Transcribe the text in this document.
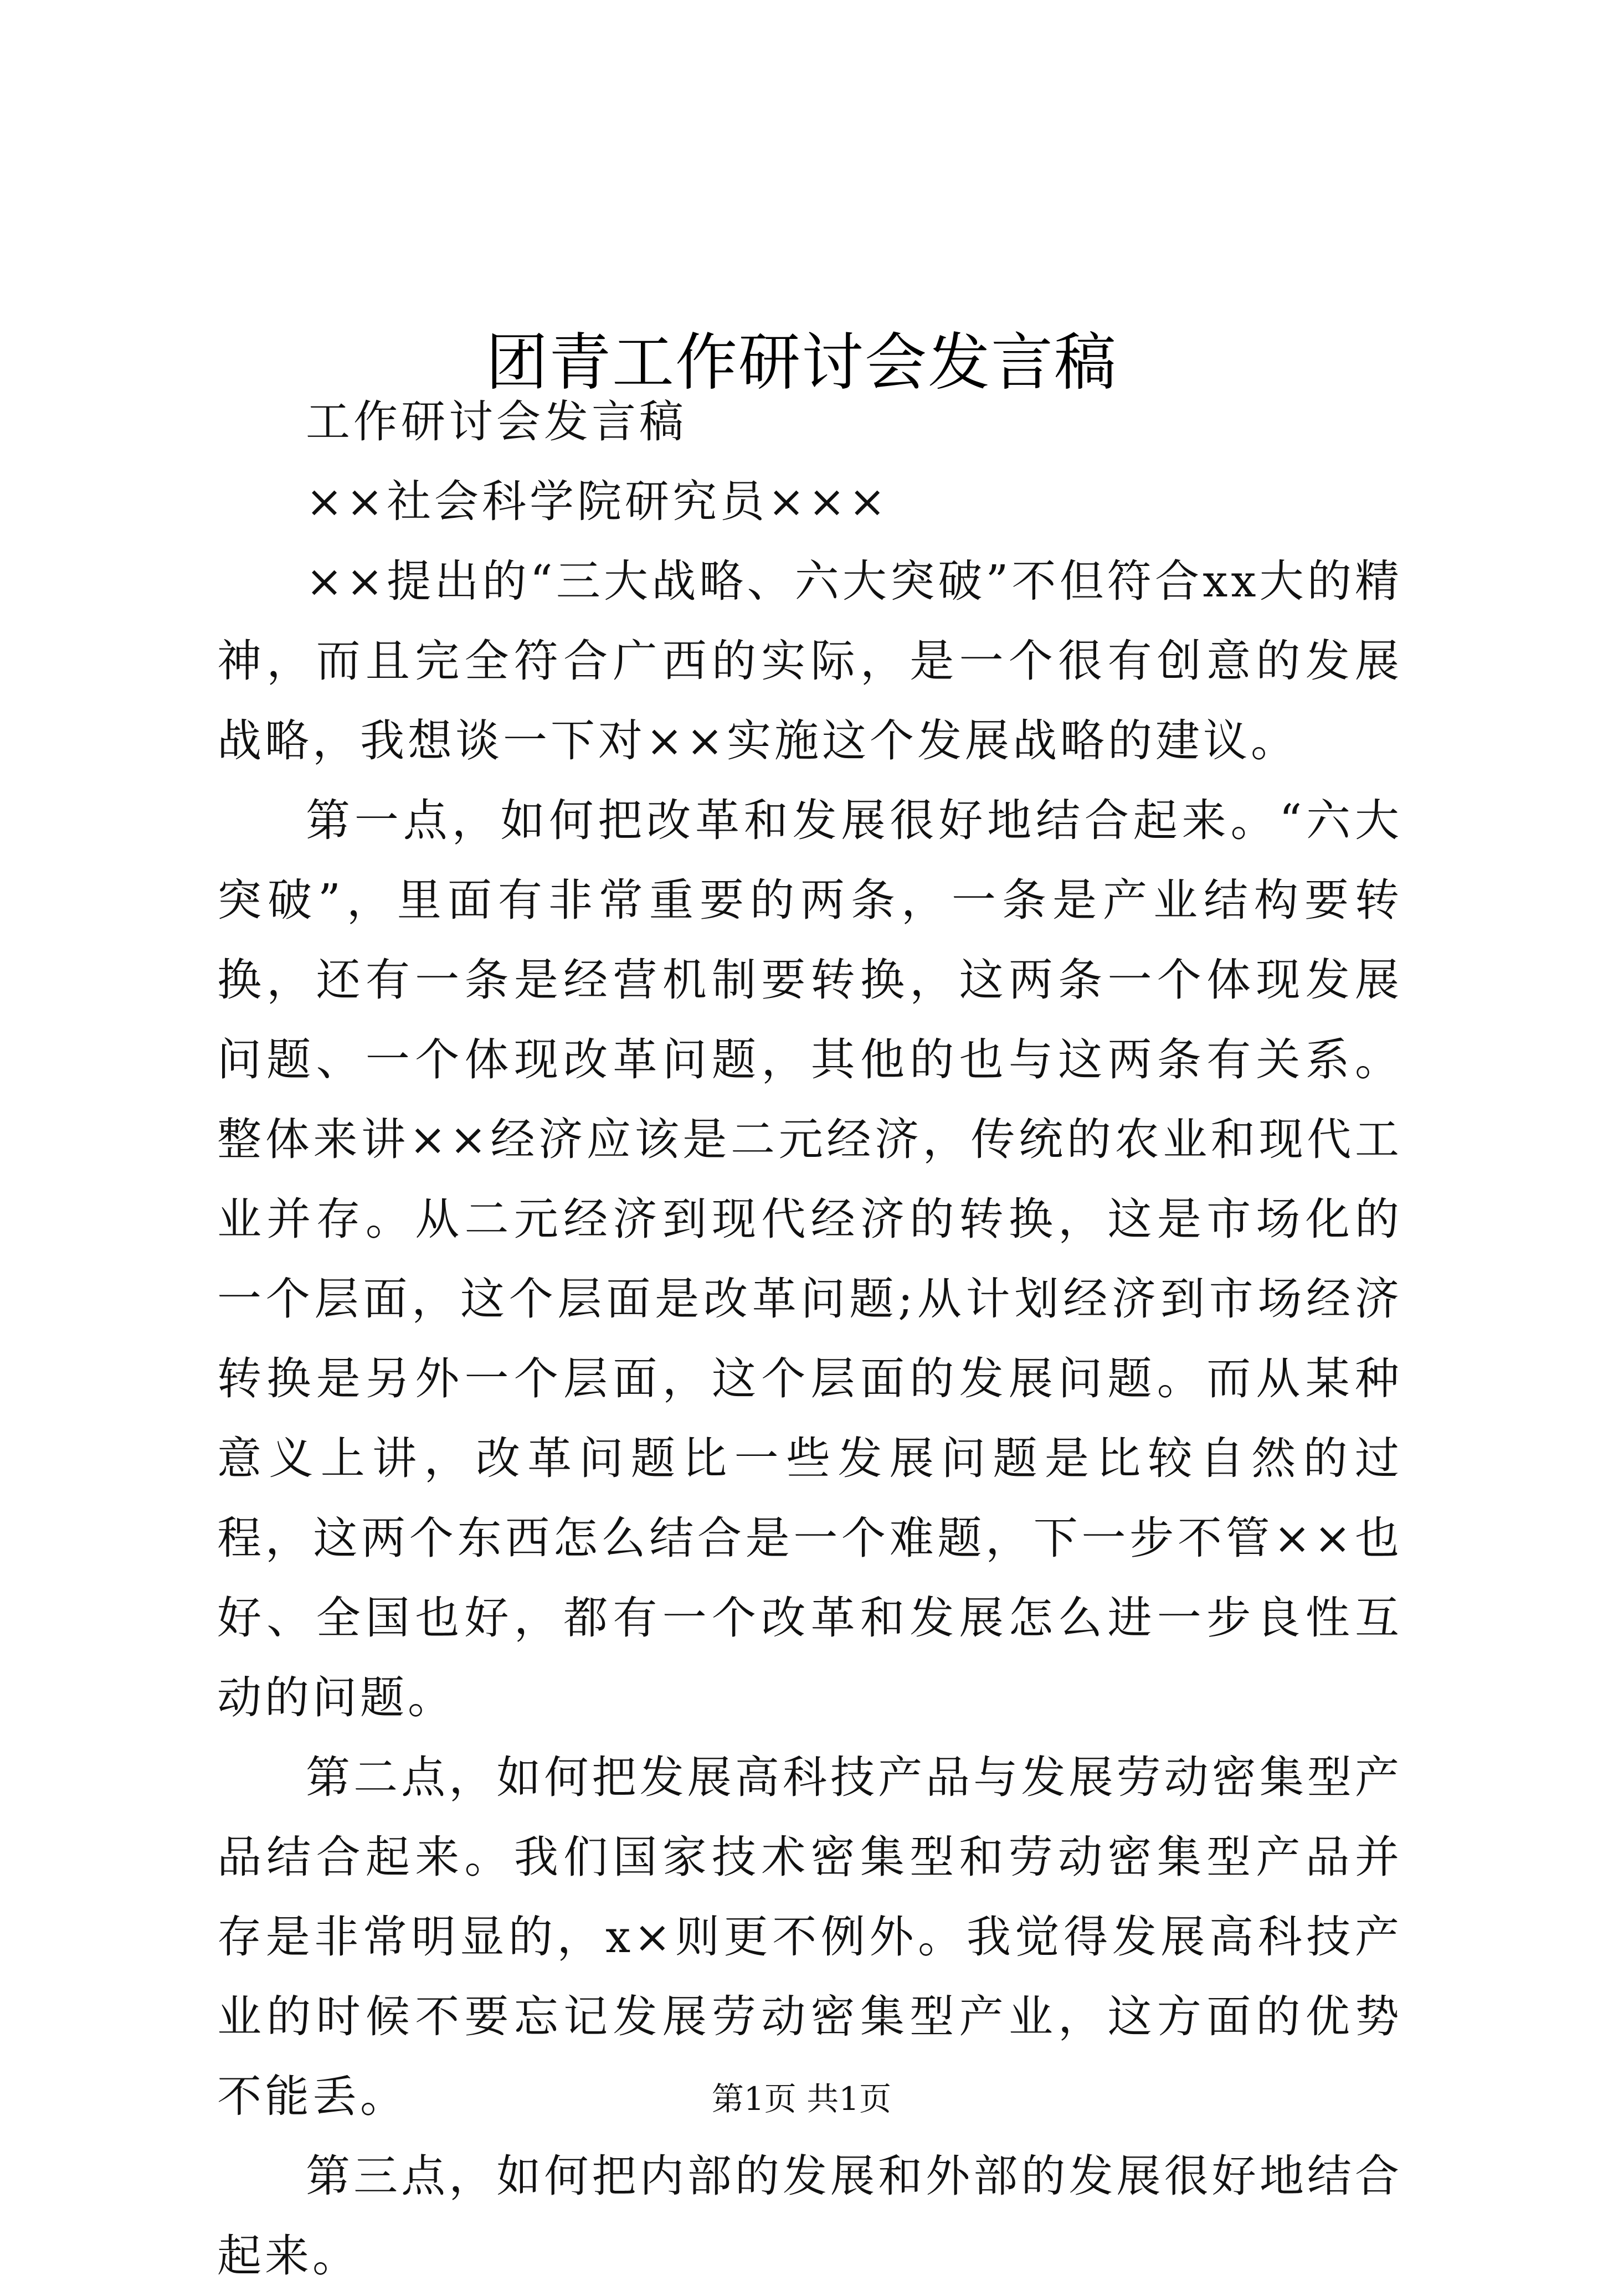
团青工作研讨会发言稿

工作研讨会发言稿

××社会科学院研究员×××

××提出的“三大战略、六大突破”不但符合xx大的精神，而且完全符合广西的实际，是一个很有创意的发展战略，我想谈一下对××实施这个发展战略的建议。

第一点，如何把改革和发展很好地结合起来。“六大突破”，里面有非常重要的两条，一条是产业结构要转换，还有一条是经营机制要转换，这两条一个体现发展问题、一个体现改革问题，其他的也与这两条有关系。整体来讲××经济应该是二元经济，传统的农业和现代工业并存。从二元经济到现代经济的转换，这是市场化的一个层面，这个层面是改革问题;从计划经济到市场经济转换是另外一个层面，这个层面的发展问题。而从某种意义上讲，改革问题比一些发展问题是比较自然的过程，这两个东西怎么结合是一个难题，下一步不管××也好、全国也好，都有一个改革和发展怎么进一步良性互动的问题。

第二点，如何把发展高科技产品与发展劳动密集型产品结合起来。我们国家技术密集型和劳动密集型产品并存是非常明显的，x×则更不例外。我觉得发展高科技产业的时候不要忘记发展劳动密集型产业，这方面的优势不能丢。

第三点，如何把内部的发展和外部的发展很好地结合起来。

第1页 共1页
